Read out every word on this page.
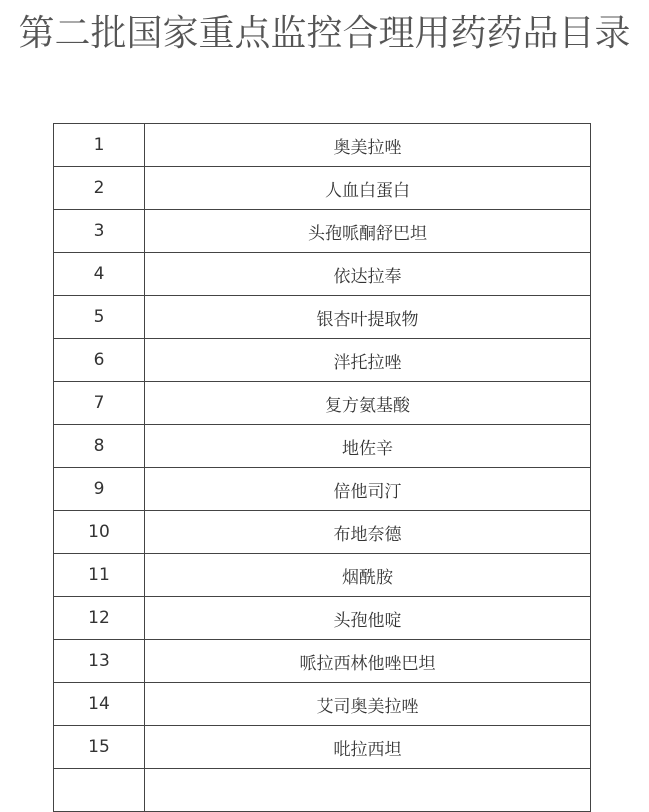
第二批国家重点监控合理用药药品目录
1	奥美拉唑
2	人血白蛋白
3	头孢哌酮舒巴坦
4	依达拉奉
5	银杏叶提取物
6	泮托拉唑
7	复方氨基酸
8	地佐辛
9	倍他司汀
10	布地奈德
11	烟酰胺
12	头孢他啶
13	哌拉西林他唑巴坦
14	艾司奥美拉唑
15	吡拉西坦
